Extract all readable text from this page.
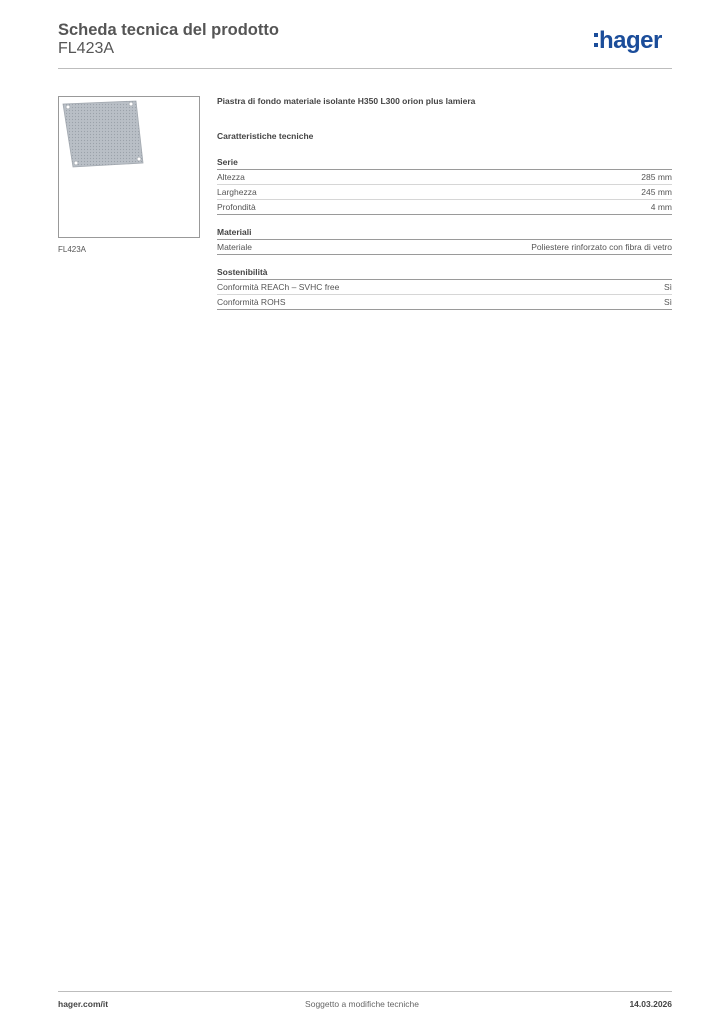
Scheda tecnica del prodotto
FL423A	hager
FL423A
Piastra di fondo materiale isolante H350 L300 orion plus lamiera
Caratteristiche tecniche
Serie
Altezza	285 mm
Larghezza	245 mm
Profondità	4 mm
Materiali
Materiale	Poliestere rinforzato con fibra di vetro
Sostenibilità
Conformità REACh – SVHC free	Sì
Conformità ROHS	Sì
hager.com/it	Soggetto a modifiche tecniche	14.03.2026
